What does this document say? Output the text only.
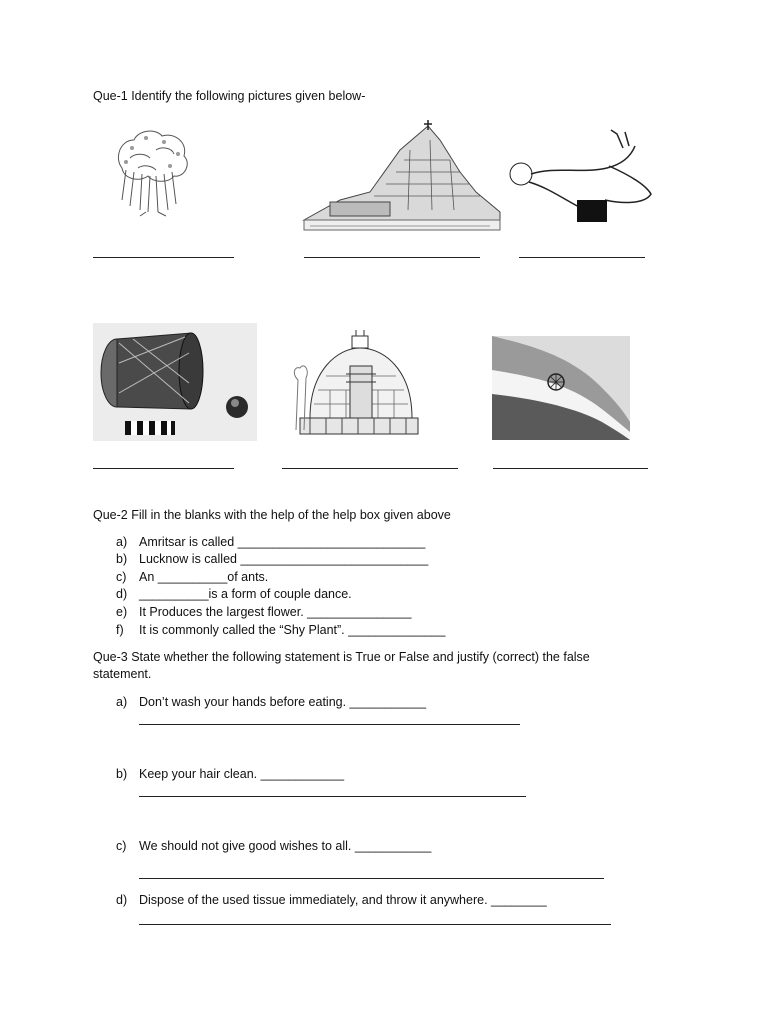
Que-1 Identify the following pictures given below-
Que-2 Fill in the blanks with the help of the help box given above
a) Amritsar is called ___________________________
b) Lucknow is called ___________________________
c)	An __________of ants.
d) __________is a form of couple dance.
e) It Produces the largest flower. _______________
f)	It is commonly called the “Shy Plant”. ______________
Que-3 State whether the following statement is True or False and justify (correct) the false statement.
a) Don’t wash your hands before eating. ___________
b) Keep your hair clean. ____________
c)	We should not give good wishes to all. ___________
d) Dispose of the used tissue immediately, and throw it anywhere. ________
